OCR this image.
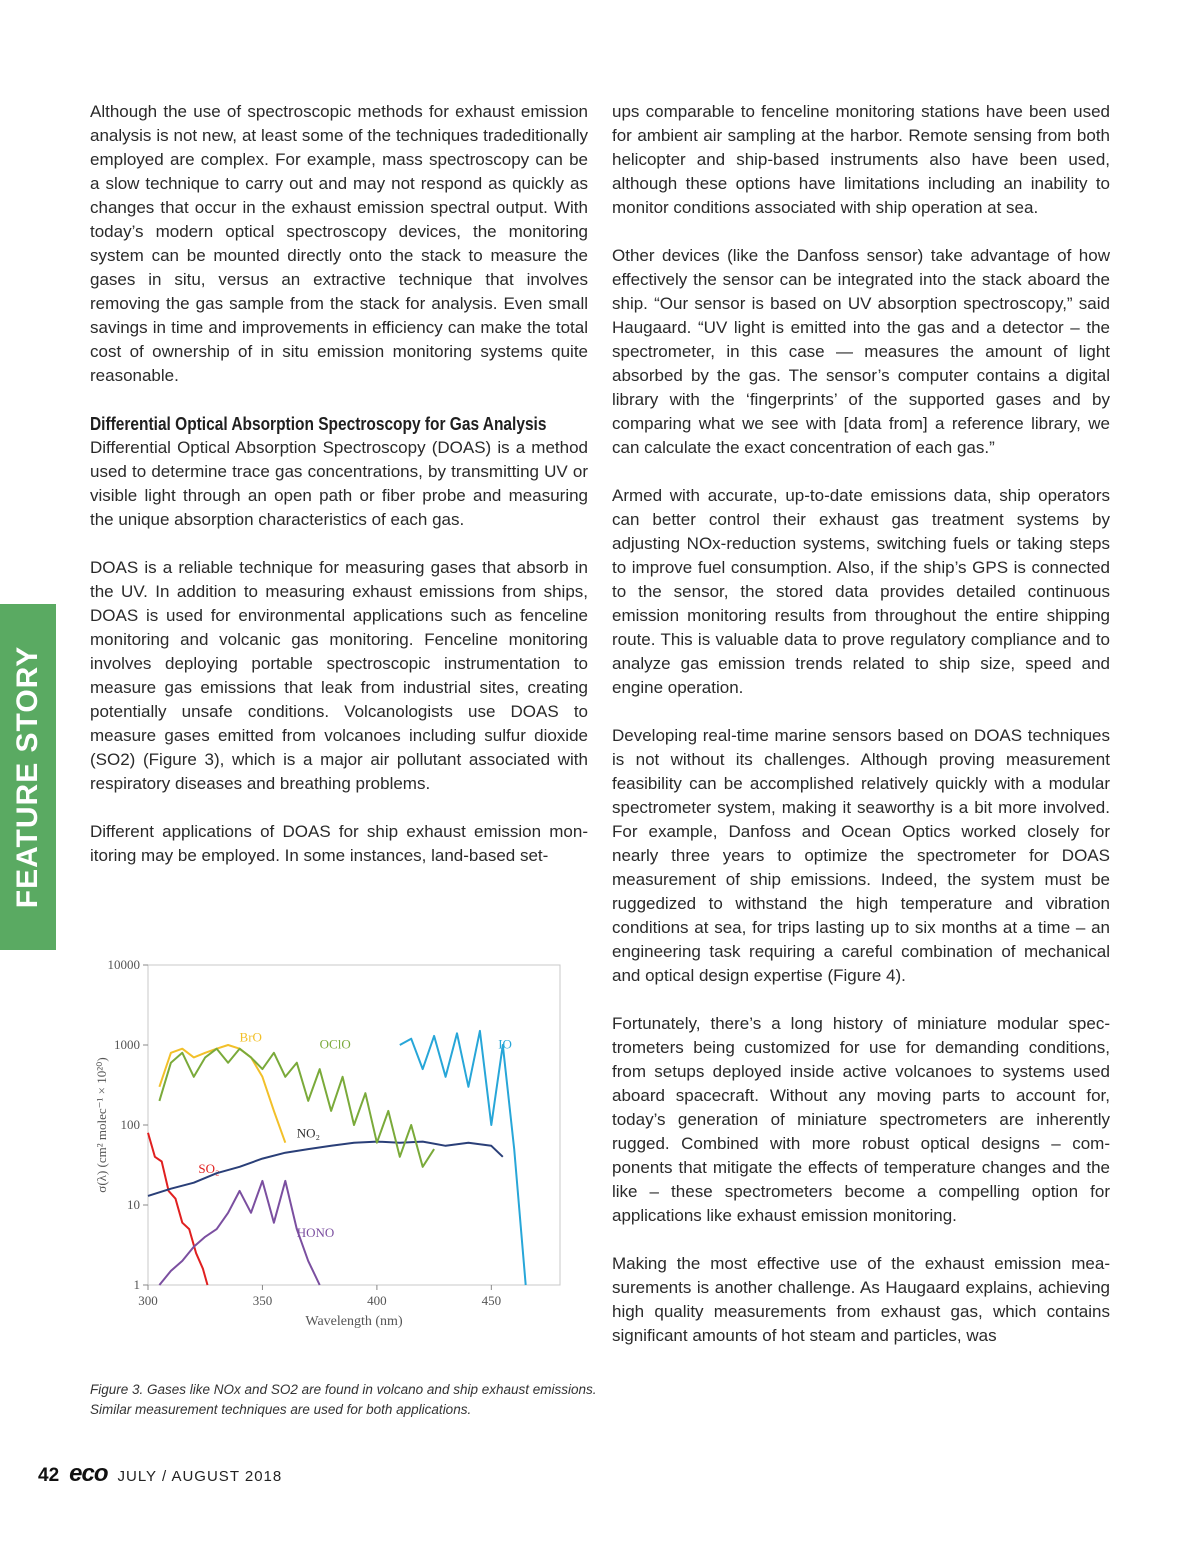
Although the use of spectroscopic methods for exhaust emission analysis is not new, at least some of the techniques tradeditionally employed are complex. For example, mass spectroscopy can be a slow technique to carry out and may not respond as quickly as changes that occur in the exhaust emission spectral output. With today’s modern optical spectroscopy devices, the monitoring system can be mounted directly onto the stack to measure the gases in situ, versus an extractive technique that involves removing the gas sample from the stack for analysis. Even small savings in time and improvements in efficiency can make the total cost of ownership of in situ emission monitoring systems quite reasonable.

Differential Optical Absorption Spectroscopy for Gas Analysis

Differential Optical Absorption Spectroscopy (DOAS) is a method used to determine trace gas concentrations, by transmitting UV or visible light through an open path or fiber probe and measuring the unique absorption characteristics of each gas.

DOAS is a reliable technique for measuring gases that absorb in the UV. In addition to measuring exhaust emissions from ships, DOAS is used for environmental applications such as fenceline monitoring and volcanic gas monitoring. Fenceline monitoring involves deploying portable spectroscopic instrumentation to measure gas emissions that leak from industrial sites, creating potentially unsafe conditions. Volcanologists use DOAS to measure gases emitted from volcanoes including sulfur dioxide (SO2) (Figure 3), which is a major air pollutant associated with respiratory diseases and breathing problems.

Different applications of DOAS for ship exhaust emission monitoring may be employed. In some instances, land-based set-

ups comparable to fenceline monitoring stations have been used for ambient air sampling at the harbor. Remote sensing from both helicopter and ship-based instruments also have been used, although these options have limitations including an inability to monitor conditions associated with ship operation at sea.

Other devices (like the Danfoss sensor) take advantage of how effectively the sensor can be integrated into the stack aboard the ship. “Our sensor is based on UV absorption spectroscopy,” said Haugaard. “UV light is emitted into the gas and a detector – the spectrometer, in this case — measures the amount of light absorbed by the gas. The sensor’s computer contains a digital library with the ‘fingerprints’ of the supported gases and by comparing what we see with [data from] a reference library, we can calculate the exact concentration of each gas.”

Armed with accurate, up-to-date emissions data, ship operators can better control their exhaust gas treatment systems by adjusting NOx-reduction systems, switching fuels or taking steps to improve fuel consumption. Also, if the ship’s GPS is connected to the sensor, the stored data provides detailed continuous emission monitoring results from throughout the entire shipping route. This is valuable data to prove regulatory compliance and to analyze gas emission trends related to ship size, speed and engine operation.

Developing real-time marine sensors based on DOAS techniques is not without its challenges. Although proving measurement feasibility can be accomplished relatively quickly with a modular spectrometer system, making it seaworthy is a bit more involved. For example, Danfoss and Ocean Optics worked closely for nearly three years to optimize the spectrometer for DOAS measurement of ship emissions. Indeed, the system must be ruggedized to withstand the high temperature and vibration conditions at sea, for trips lasting up to six months at a time – an engineering task requiring a careful combination of mechanical and optical design expertise (Figure 4).

Fortunately, there’s a long history of miniature modular spectrometers being customized for use for demanding conditions, from setups deployed inside active volcanoes to systems used aboard spacecraft. Without any moving parts to account for, today’s generation of miniature spectrometers are inherently rugged. Combined with more robust optical designs – components that mitigate the effects of temperature changes and the like – these spectrometers become a compelling option for applications like exhaust emission monitoring.

Making the most effective use of the exhaust emission measurements is another challenge. As Haugaard explains, achieving high quality measurements from exhaust gas, which contains significant amounts of hot steam and particles, was

FEATURE STORY
10000
1000
100
10
1
300	350	400	450
Wavelength (nm)
σ(λ) (cm² molec⁻¹ × 10²⁰)	SO₂
NO₂
HONO
BrO	OClO	IO
Figure 3. Gases like NOx and SO2 are found in volcano and ship exhaust emissions. Similar measurement techniques are used for both applications.
42 eco JULY / AUGUST 2018
